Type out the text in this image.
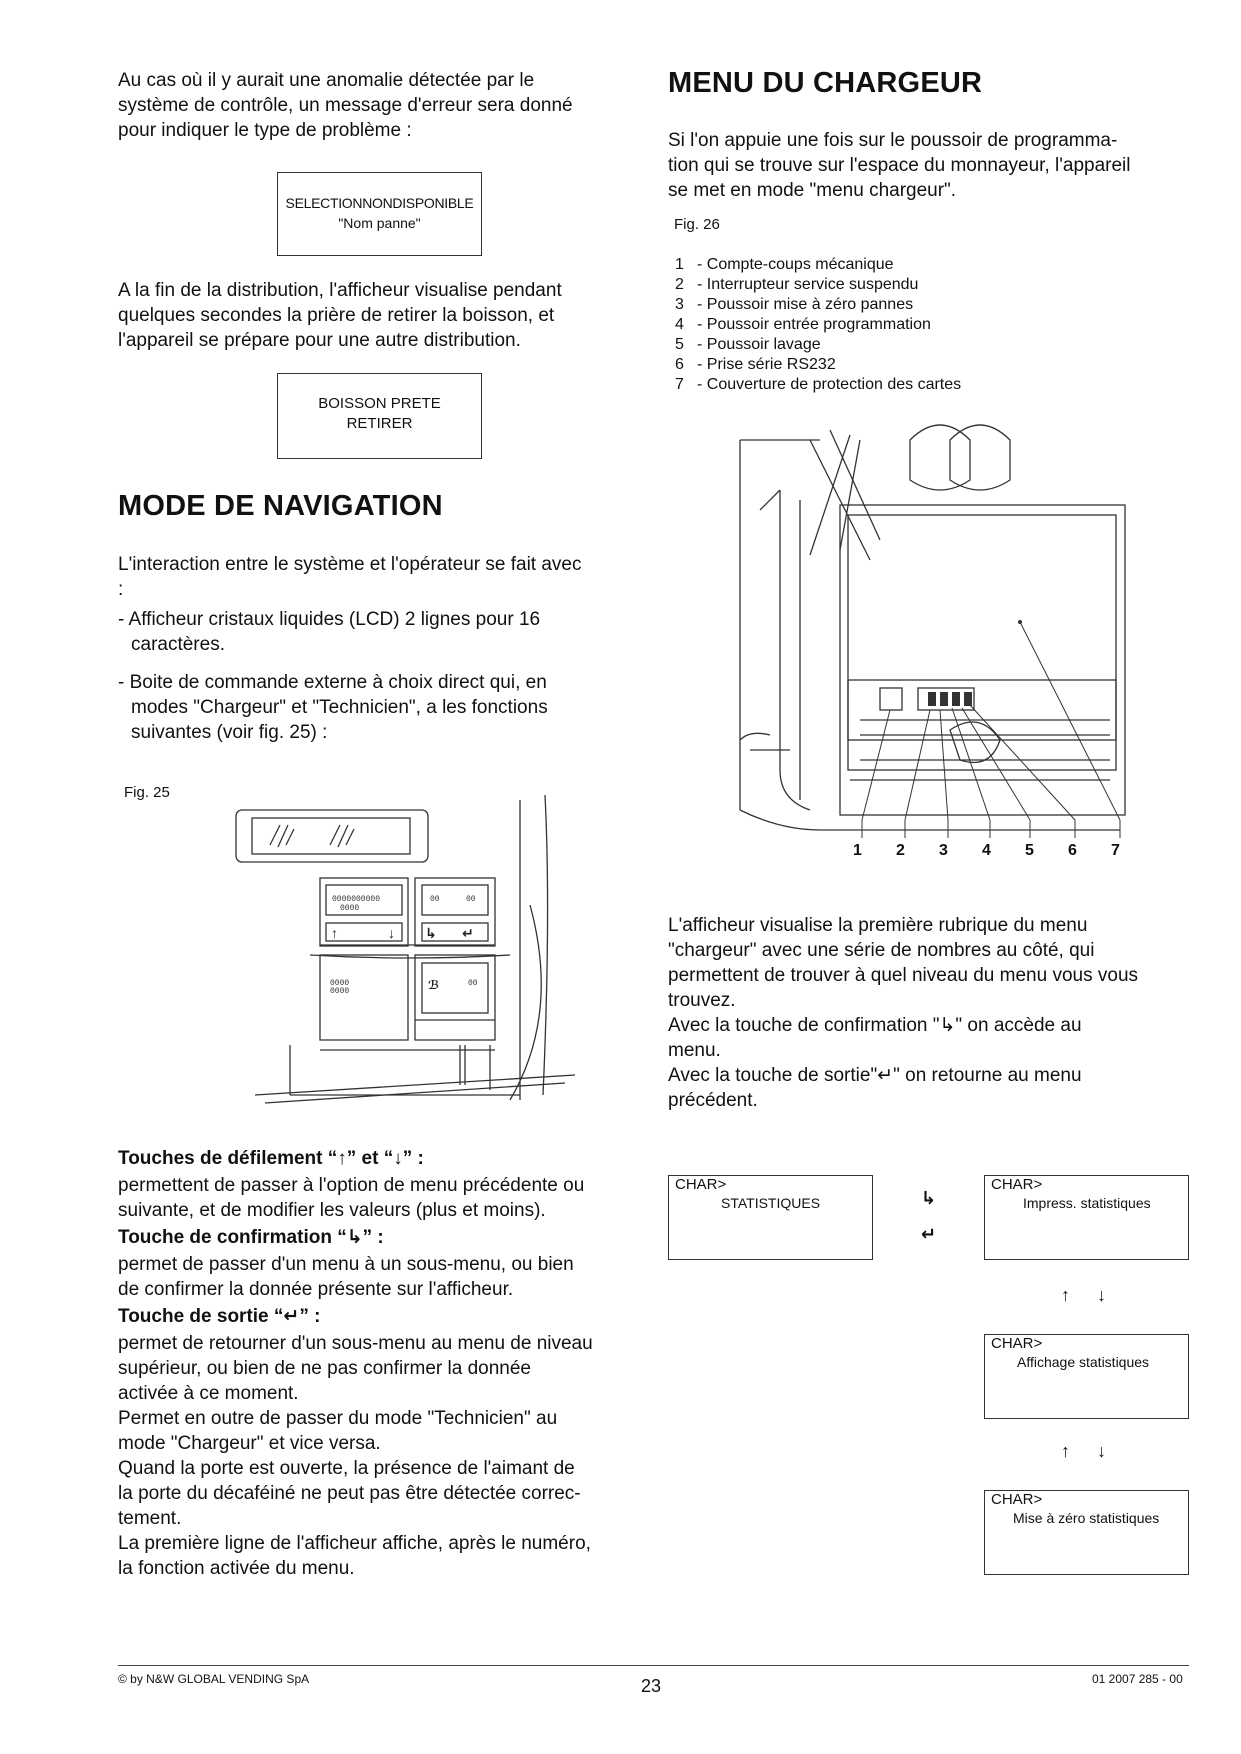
Au cas où il y aurait une anomalie détectée par le
système de contrôle, un message d'erreur sera donné
pour indiquer le type de problème :
SELECTIONNONDISPONIBLE
"Nom panne"
A la fin de la distribution, l'afficheur visualise pendant
quelques secondes la prière de retirer la boisson, et
l'appareil se prépare pour une autre distribution.
BOISSON PRETE
RETIRER
MODE DE NAVIGATION
L'interaction entre le système et l'opérateur se fait avec
:
- Afficheur cristaux liquides (LCD) 2 lignes pour 16
caractères.
- Boite de commande externe à choix direct qui, en
modes "Chargeur" et "Technicien", a les fonctions
suivantes (voir fig. 25) :
Fig. 25
0000000000
0000
00	00
0000
0000
00
↑	↓ ↳ ↵
ℬ
Touches de défilement “↑” et “↓” :
permettent de passer à l'option de menu précédente ou
suivante, et de modifier les valeurs (plus et moins).
Touche de confirmation “↳” :
permet de passer d'un menu à un sous-menu, ou bien
de confirmer la donnée présente sur l'afficheur.
Touche de sortie “↵” :
permet de retourner d'un sous-menu au menu de niveau
supérieur, ou bien de ne pas confirmer la donnée
activée à ce moment.
Permet en outre de passer du mode "Technicien" au
mode "Chargeur" et vice versa.
Quand la porte est ouverte, la présence de l'aimant de
la porte du décaféiné ne peut pas être détectée correc-
tement.
La première ligne de l'afficheur affiche, après le numéro,
la fonction activée du menu.
MENU DU CHARGEUR
Si l'on appuie une fois sur le poussoir de programma-
tion qui se trouve sur l'espace du monnayeur, l'appareil
se met en mode "menu chargeur".
Fig. 26
1 - Compte-coups mécanique
2 - Interrupteur service suspendu
3 - Poussoir mise à zéro pannes
4 - Poussoir entrée programmation
5 - Poussoir lavage
6 - Prise série RS232
7 - Couverture de protection des cartes
1 2 3 4 5 6 7
L'afficheur visualise la première rubrique du menu
"chargeur" avec une série de nombres au côté, qui
permettent de trouver à quel niveau du menu vous vous
trouvez.
Avec la touche de confirmation "↳" on accède au
menu.
Avec la touche de sortie"↵" on retourne au menu
précédent.
CHAR>
STATISTIQUES
CHAR>
Impress. statistiques
CHAR>
Affichage statistiques
CHAR>
Mise à zéro statistiques
↳
↵
↑ ↓
↑ ↓
© by N&W GLOBAL VENDING SpA	23	01 2007 285 - 00
